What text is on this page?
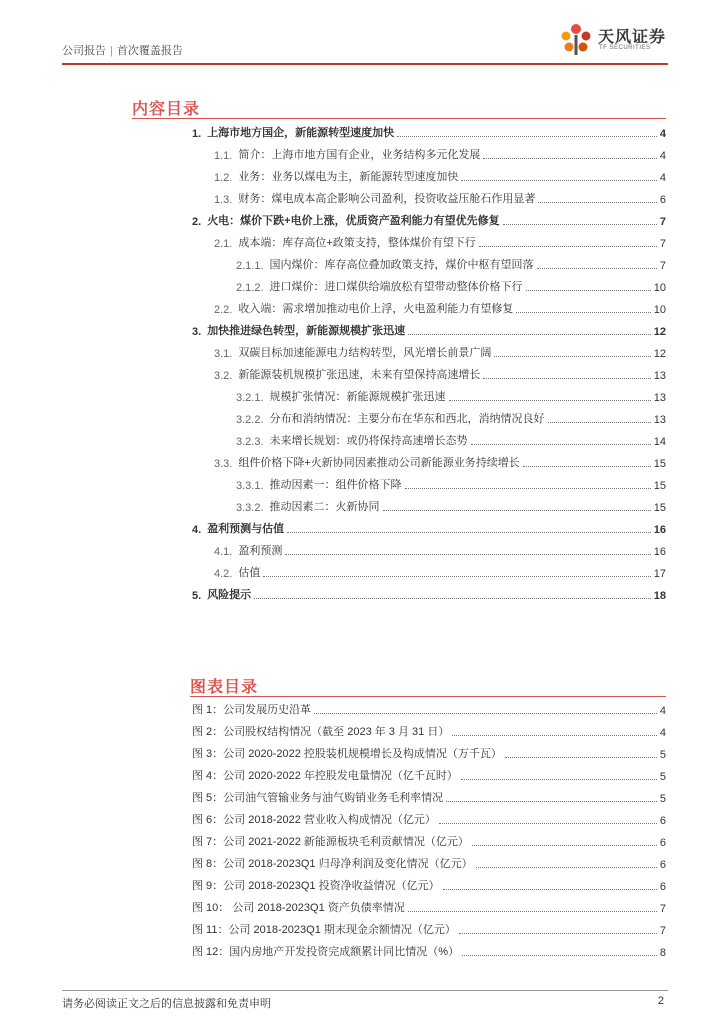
公司报告 | 首次覆盖报告
天风证券
TF SECURITIES
内容目录
1. 上海市地方国企，新能源转型速度加快	4
1.1. 简介：上海市地方国有企业，业务结构多元化发展	4
1.2. 业务：业务以煤电为主，新能源转型速度加快	4
1.3. 财务：煤电成本高企影响公司盈利，投资收益压舱石作用显著	6
2. 火电：煤价下跌+电价上涨，优质资产盈利能力有望优先修复	7
2.1. 成本端：库存高位+政策支持，整体煤价有望下行	7
2.1.1. 国内煤价：库存高位叠加政策支持，煤价中枢有望回落	7
2.1.2. 进口煤价：进口煤供给端放松有望带动整体价格下行	10
2.2. 收入端：需求增加推动电价上浮，火电盈利能力有望修复	10
3. 加快推进绿色转型，新能源规模扩张迅速	12
3.1. 双碳目标加速能源电力结构转型，风光增长前景广阔	12
3.2. 新能源装机规模扩张迅速，未来有望保持高速增长	13
3.2.1. 规模扩张情况：新能源规模扩张迅速	13
3.2.2. 分布和消纳情况：主要分布在华东和西北，消纳情况良好	13
3.2.3. 未来增长规划：或仍将保持高速增长态势	14
3.3. 组件价格下降+火新协同因素推动公司新能源业务持续增长	15
3.3.1. 推动因素一：组件价格下降	15
3.3.2. 推动因素二：火新协同	15
4. 盈利预测与估值	16
4.1. 盈利预测	16
4.2. 估值	17
5. 风险提示	18
图表目录
图 1：公司发展历史沿革	4
图 2：公司股权结构情况（截至 2023 年 3 月 31 日）	4
图 3：公司 2020-2022 控股装机规模增长及构成情况（万千瓦）	5
图 4：公司 2020-2022 年控股发电量情况（亿千瓦时）	5
图 5：公司油气管输业务与油气购销业务毛利率情况	5
图 6：公司 2018-2022 营业收入构成情况（亿元）	6
图 7：公司 2021-2022 新能源板块毛利贡献情况（亿元）	6
图 8：公司 2018-2023Q1 归母净利润及变化情况（亿元）	6
图 9：公司 2018-2023Q1 投资净收益情况（亿元）	6
图 10： 公司 2018-2023Q1 资产负债率情况	7
图 11：公司 2018-2023Q1 期末现金余额情况（亿元）	7
图 12：国内房地产开发投资完成额累计同比情况（%）	8
请务必阅读正文之后的信息披露和免责申明	2
